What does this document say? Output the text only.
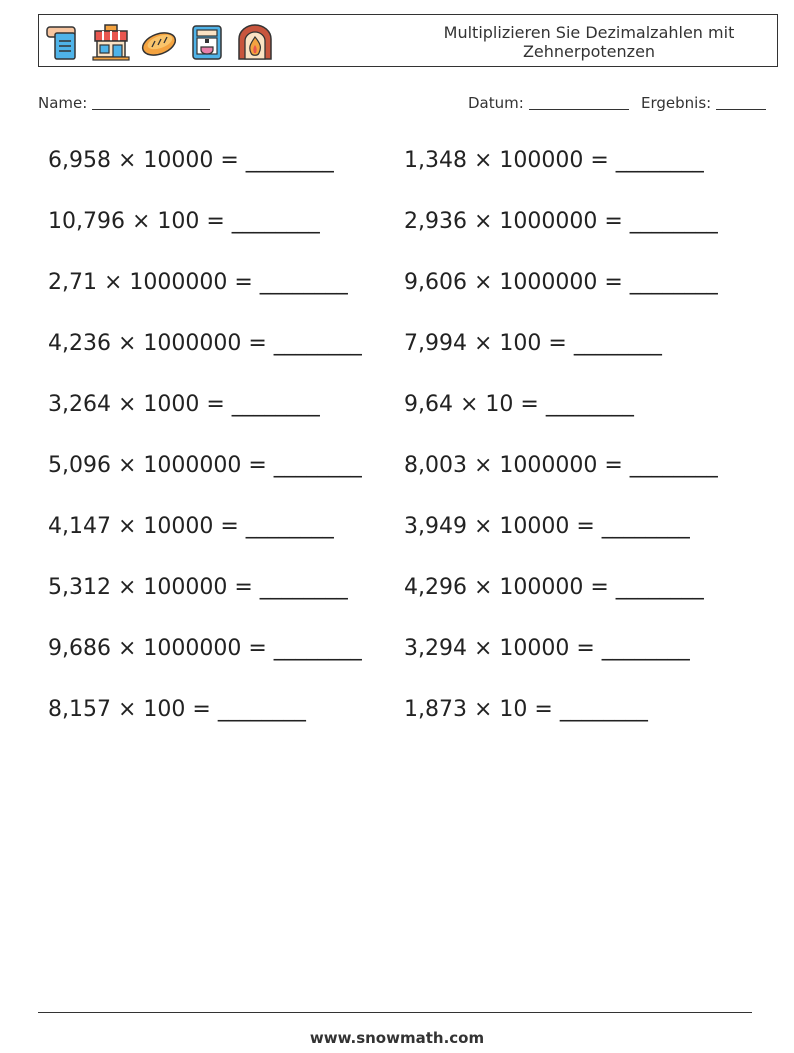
Multiplizieren Sie Dezimalzahlen mit Zehnerpotenzen
Name:	Datum:	Ergebnis:
6,958 × 10000 = ________	1,348 × 100000 = ________
10,796 × 100 = ________	2,936 × 1000000 = ________
2,71 × 1000000 = ________	9,606 × 1000000 = ________
4,236 × 1000000 = ________ 7,994 × 100 = ________
3,264 × 1000 = ________	9,64 × 10 = ________
5,096 × 1000000 = ________ 8,003 × 1000000 = ________
4,147 × 10000 = ________	3,949 × 10000 = ________
5,312 × 100000 = ________	4,296 × 100000 = ________
9,686 × 1000000 = ________ 3,294 × 10000 = ________
8,157 × 100 = ________	1,873 × 10 = ________
www.snowmath.com
